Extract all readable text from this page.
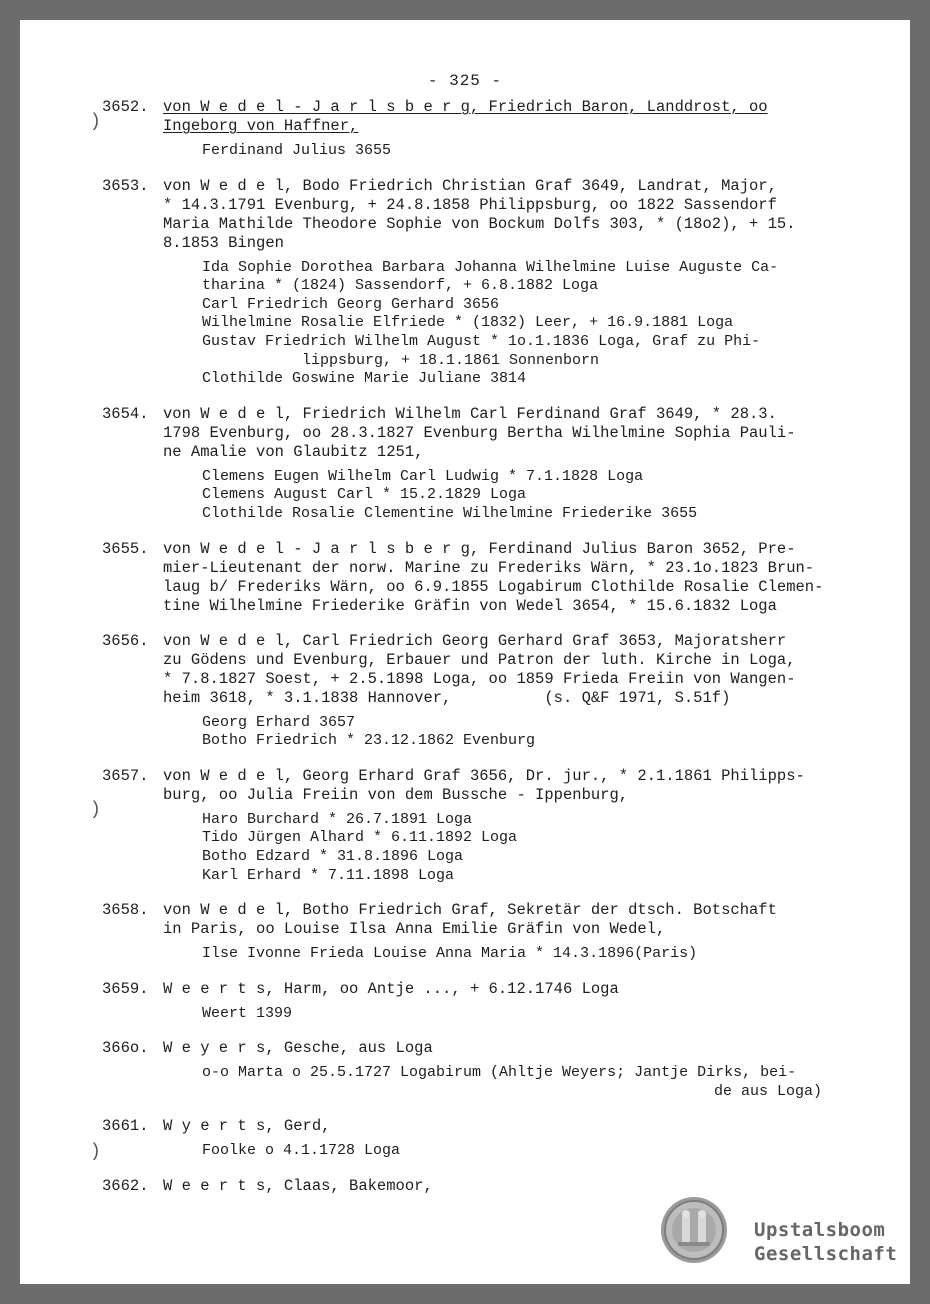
- 325 -
3652. von W e d e l - J a r l s b e r g, Friedrich Baron, Landdrost, oo
Ingeborg von Haffner,
Ferdinand Julius 3655
3653. von W e d e l, Bodo Friedrich Christian Graf 3649, Landrat, Major,
* 14.3.1791 Evenburg, + 24.8.1858 Philippsburg, oo 1822 Sassendorf
Maria Mathilde Theodore Sophie von Bockum Dolfs 303, * (18o2), + 15.
8.1853 Bingen
Ida Sophie Dorothea Barbara Johanna Wilhelmine Luise Auguste Ca-
tharina * (1824) Sassendorf, + 6.8.1882 Loga
Carl Friedrich Georg Gerhard 3656
Wilhelmine Rosalie Elfriede * (1832) Leer, + 16.9.1881 Loga
Gustav Friedrich Wilhelm August * 1o.1.1836 Loga, Graf zu Phi-
lippsburg, + 18.1.1861 Sonnenborn
Clothilde Goswine Marie Juliane 3814
3654. von W e d e l, Friedrich Wilhelm Carl Ferdinand Graf 3649, * 28.3.
1798 Evenburg, oo 28.3.1827 Evenburg Bertha Wilhelmine Sophia Pauli-
ne Amalie von Glaubitz 1251,
Clemens Eugen Wilhelm Carl Ludwig * 7.1.1828 Loga
Clemens August Carl * 15.2.1829 Loga
Clothilde Rosalie Clementine Wilhelmine Friederike 3655
3655. von W e d e l - J a r l s b e r g, Ferdinand Julius Baron 3652, Pre-
mier-Lieutenant der norw. Marine zu Frederiks Wärn, * 23.1o.1823 Brun-
laug b/ Frederiks Wärn, oo 6.9.1855 Logabirum Clothilde Rosalie Clemen-
tine Wilhelmine Friederike Gräfin von Wedel 3654, * 15.6.1832 Loga
3656. von W e d e l, Carl Friedrich Georg Gerhard Graf 3653, Majoratsherr
zu Gödens und Evenburg, Erbauer und Patron der luth. Kirche in Loga,
* 7.8.1827 Soest, + 2.5.1898 Loga, oo 1859 Frieda Freiin von Wangen-
heim 3618, * 3.1.1838 Hannover,          (s. Q&F 1971, S.51f)
Georg Erhard 3657
Botho Friedrich * 23.12.1862 Evenburg
3657. von W e d e l, Georg Erhard Graf 3656, Dr. jur., * 2.1.1861 Philipps-
burg, oo Julia Freiin von dem Bussche - Ippenburg,
Haro Burchard * 26.7.1891 Loga
Tido Jürgen Alhard * 6.11.1892 Loga
Botho Edzard * 31.8.1896 Loga
Karl Erhard * 7.11.1898 Loga
3658. von W e d e l, Botho Friedrich Graf, Sekretär der dtsch. Botschaft
in Paris, oo Louise Ilsa Anna Emilie Gräfin von Wedel,
Ilse Ivonne Frieda Louise Anna Maria * 14.3.1896(Paris)
3659. W e e r t s, Harm, oo Antje ..., + 6.12.1746 Loga
Weert 1399
366o. W e y e r s, Gesche, aus Loga
o-o Marta o 25.5.1727 Logabirum (Ahltje Weyers; Jantje Dirks, bei-
de aus Loga)
3661. W y e r t s, Gerd,
Foolke o 4.1.1728 Loga
3662. W e e r t s, Claas, Bakemoor,
)
)
)
Upstalsboom
Gesellschaft
